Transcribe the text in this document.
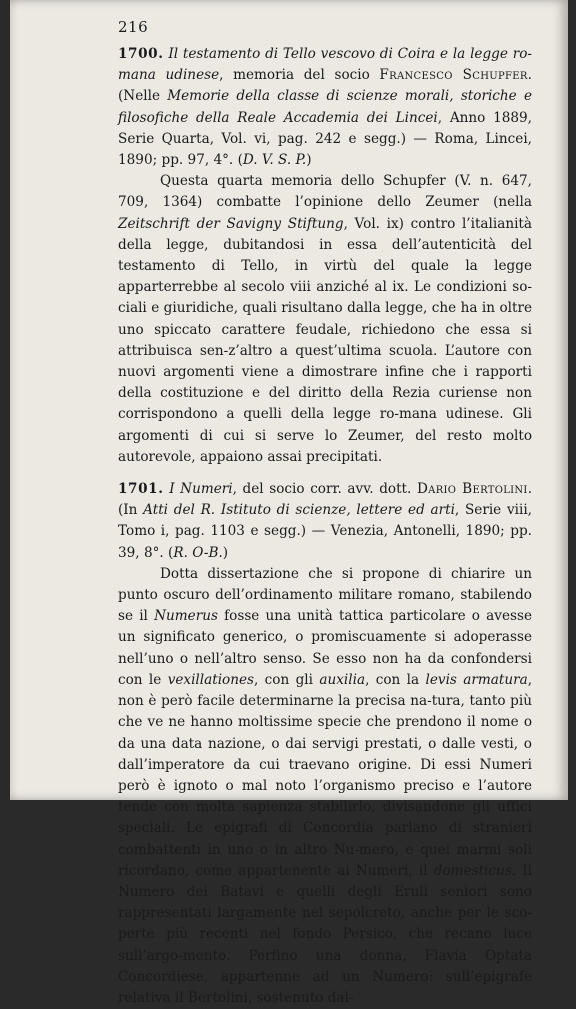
216

1700. Il testamento di Tello vescovo di Coira e la legge ro-mana udinese, memoria del socio Francesco Schupfer. (Nelle Memorie della classe di scienze morali, storiche e filosofiche della Reale Accademia dei Lincei, Anno 1889, Serie Quarta, Vol. vi, pag. 242 e segg.) — Roma, Lincei, 1890; pp. 97, 4°. (D. V. S. P.)

Questa quarta memoria dello Schupfer (V. n. 647, 709, 1364) combatte l’opinione dello Zeumer (nella Zeitschrift der Savigny Stiftung, Vol. ix) contro l’italianità della legge, dubitandosi in essa dell’autenticità del testamento di Tello, in virtù del quale la legge apparterrebbe al secolo viii anziché al ix. Le condizioni so-ciali e giuridiche, quali risultano dalla legge, che ha in oltre uno spiccato carattere feudale, richiedono che essa si attribuisca sen-z’altro a quest’ultima scuola. L’autore con nuovi argomenti viene a dimostrare infine che i rapporti della costituzione e del diritto della Rezia curiense non corrispondono a quelli della legge ro-mana udinese. Gli argomenti di cui si serve lo Zeumer, del resto molto autorevole, appaiono assai precipitati.

1701. I Numeri, del socio corr. avv. dott. Dario Bertolini. (In Atti del R. Istituto di scienze, lettere ed arti, Serie viii, Tomo i, pag. 1103 e segg.) — Venezia, Antonelli, 1890; pp. 39, 8°. (R. O-B.)

Dotta dissertazione che si propone di chiarire un punto oscuro dell’ordinamento militare romano, stabilendo se il Numerus fosse una unità tattica particolare o avesse un significato generico, o promiscuamente si adoperasse nell’uno o nell’altro senso. Se esso non ha da confondersi con le vexillationes, con gli auxilia, con la levis armatura, non è però facile determinarne la precisa na-tura, tanto più che ve ne hanno moltissime specie che prendono il nome o da una data nazione, o dai servigi prestati, o dalle vesti, o dall’imperatore da cui traevano origine. Di essi Numeri però è ignoto o mal noto l’organismo preciso e l’autore tende con molta sapienza stabilirlo, divisandone gli uffici speciali. Le epigrafi di Concordia parlano di stranieri combattenti in uno o in altro Nu-mero, e quei marmi soli ricordano, come appartenente ai Numeri, il domesticus. Il Numero dei Batavi e quelli degli Eruli seniori sono rappresentati largamente nel sepolcreto, anche per le sco-perte più recenti nel fondo Persico, che recano luce sull’argo-mento. Perfino una donna, Flavia Optata Concordiese, appartenne ad un Numero: sull’epigrafe relativa il Bertolini, sostenuto dal-
